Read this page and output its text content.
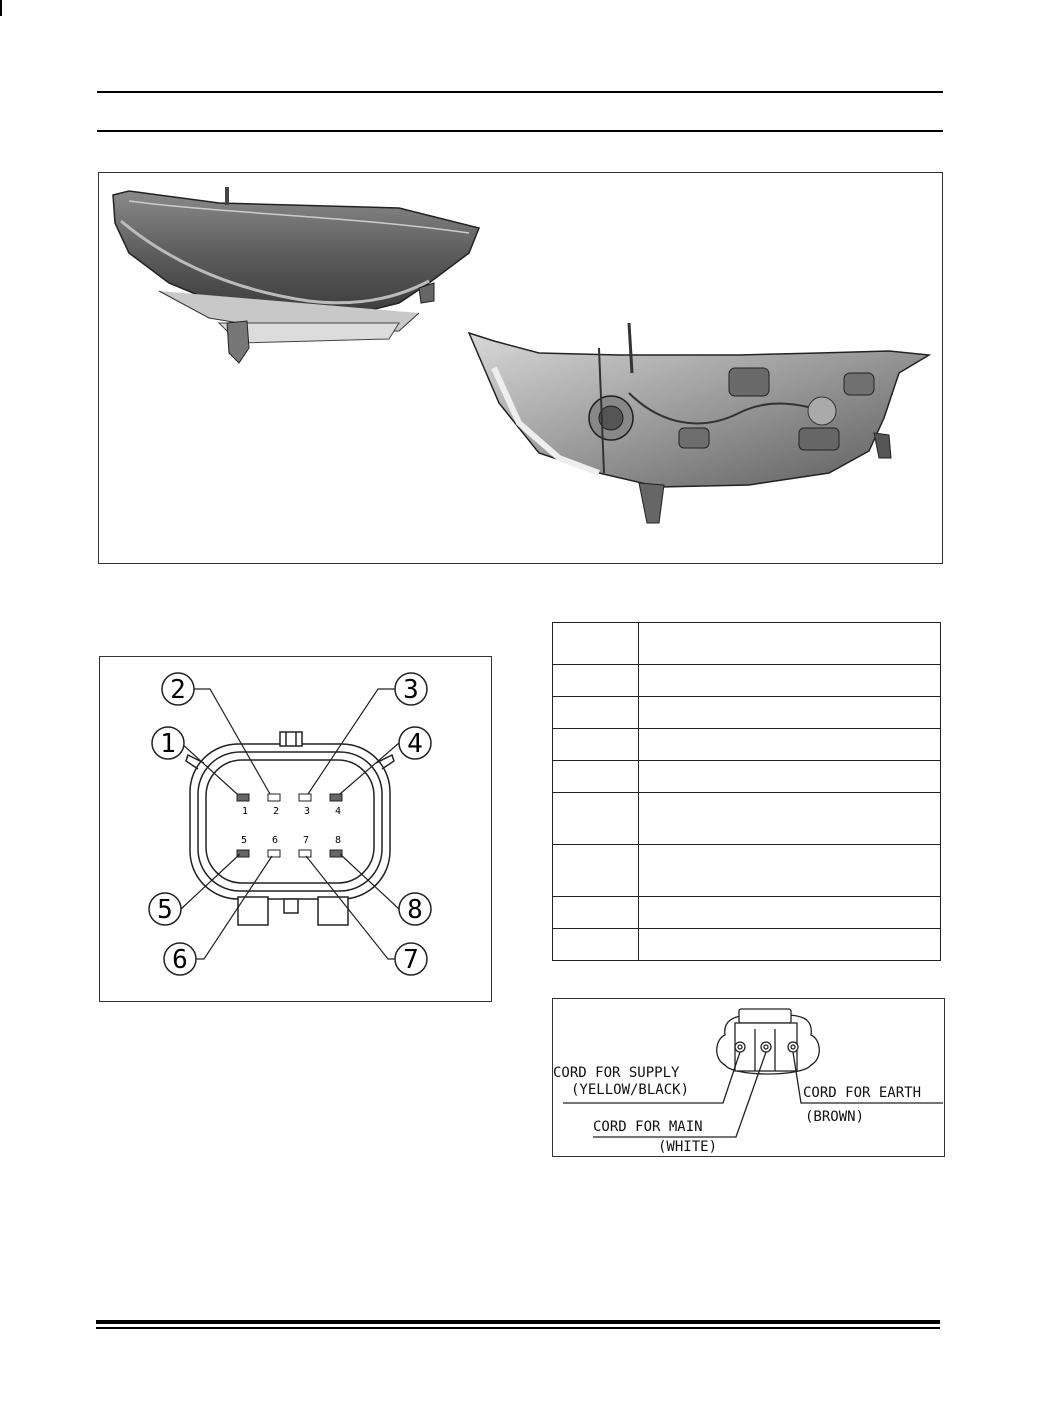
1 2 3 4
5 6 7	8
1
2	3
4
5
6	7
8

CORD FOR SUPPLY
(YELLOW/BLACK)
CORD FOR MAIN
(WHITE)
CORD FOR EARTH
(BROWN)
